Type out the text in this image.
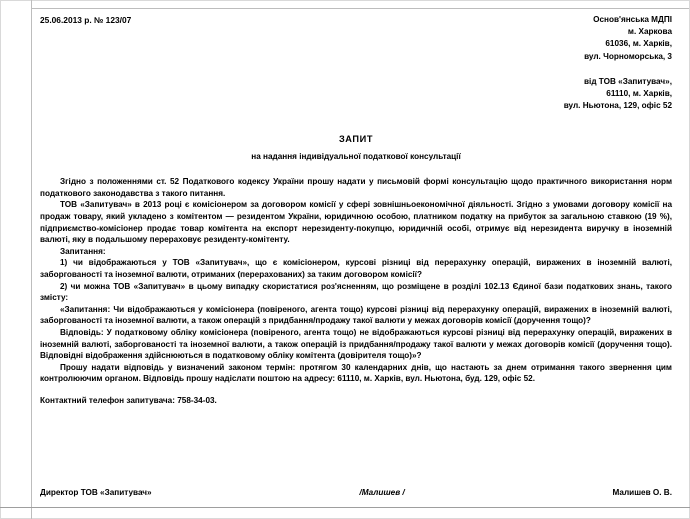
25.06.2013 р. № 123/07	Основ'янська МДПІ
м. Харкова
61036, м. Харків,
вул. Чорноморська, 3
від ТОВ «Запитувач»,
61110, м. Харків,
вул. Ньютона, 129, офіс 52
ЗАПИТ
на надання індивідуальної податкової консультації

Згідно з положеннями ст. 52 Податкового кодексу України прошу надати у письмовій формі консультацію щодо практичного використання норм податкового законодавства з такого питання.

ТОВ «Запитувач» в 2013 році є комісіонером за договором комісії у сфері зовнішньоекономічної діяльності. Згідно з умовами договору комісії на продаж товару, який укладено з комітентом — резидентом України, юридичною особою, платником податку на прибуток за загальною ставкою (19 %), підприємство-комісіонер продає товар комітента на експорт нерезиденту-покупцю, юридичній особі, отримує від нерезидента виручку в іноземній валюті, яку в подальшому перераховує резиденту-комітенту.

Запитання:

1) чи відображаються у ТОВ «Запитувач», що є комісіонером, курсові різниці від перерахунку операцій, виражених в іноземній валюті, заборгованості та іноземної валюти, отриманих (перерахованих) за таким договором комісії?

2) чи можна ТОВ «Запитувач» в цьому випадку скористатися роз'ясненням, що розміщене в розділі 102.13 Єдиної бази податкових знань, такого змісту:

«Запитання: Чи відображаються у комісіонера (повіреного, агента тощо) курсові різниці від перерахунку операцій, виражених в іноземній валюті, заборгованості та іноземної валюти, а також операцій з придбання/продажу такої валюти у межах договорів комісії (доручення тощо)?

Відповідь: У податковому обліку комісіонера (повіреного, агента тощо) не відображаються курсові різниці від перерахунку операцій, виражених в іноземній валюті, заборгованості та іноземної валюти, а також операцій із придбання/продажу такої валюти у межах договорів комісії (доручення тощо). Відповідні відображення здійснюються в податковому обліку комітента (довірителя тощо)»?

Прошу надати відповідь у визначений законом термін: протягом 30 календарних днів, що настають за днем отримання такого звернення цим контролюючим органом. Відповідь прошу надіслати поштою на адресу: 61110, м. Харків, вул. Ньютона, буд. 129, офіс 52.

Контактний телефон запитувача: 758-34-03.

Директор ТОВ «Запитувач»	/Малишев /	Малишев О. В.
